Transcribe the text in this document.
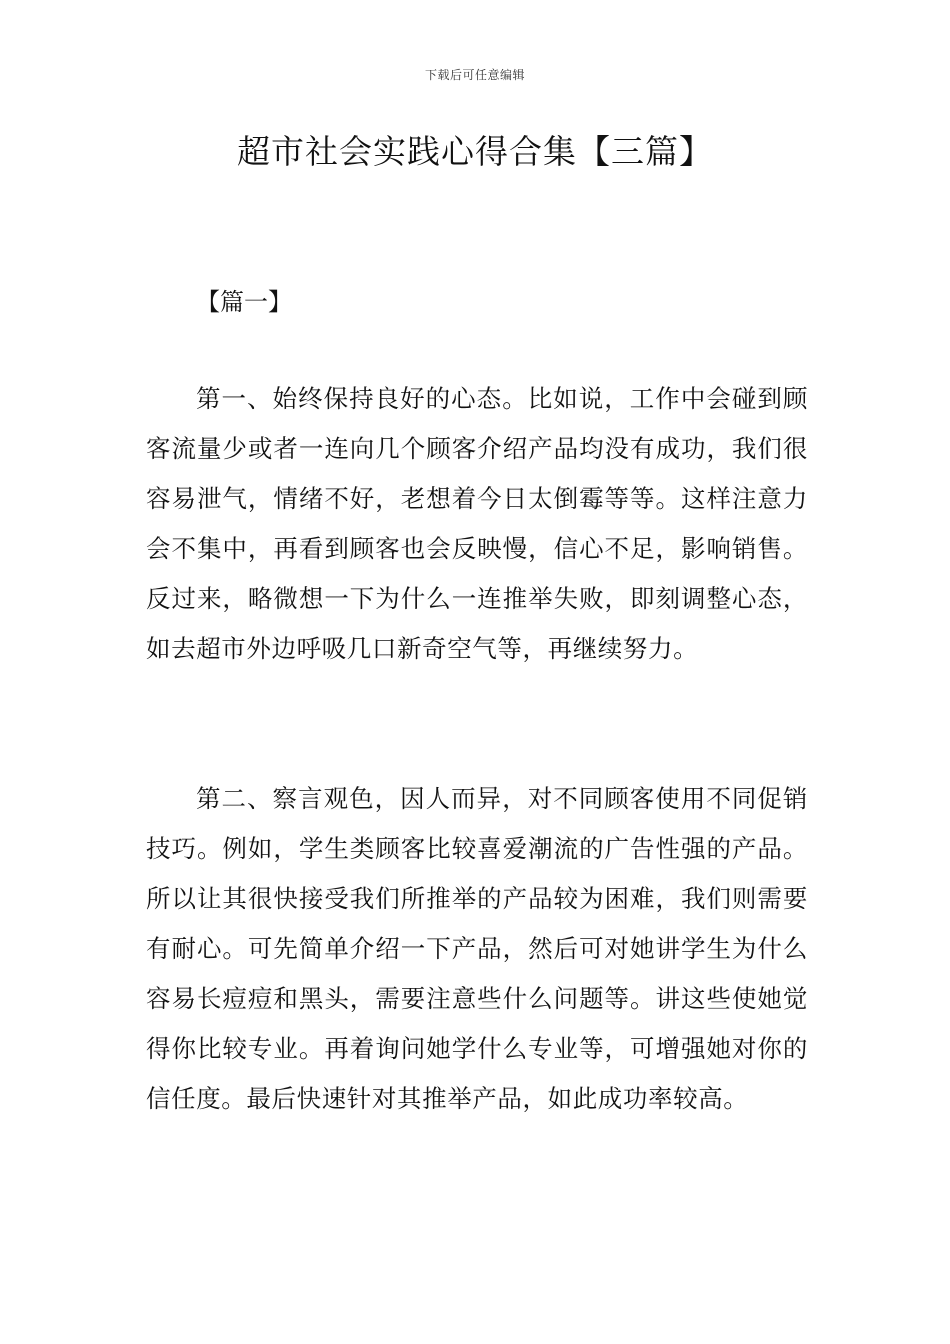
下载后可任意编辑
超市社会实践心得合集【三篇】
【篇一】

第一、始终保持良好的心态。比如说，工作中会碰到顾客流量少或者一连向几个顾客介绍产品均没有成功，我们很容易泄气，情绪不好，老想着今日太倒霉等等。这样注意力会不集中，再看到顾客也会反映慢，信心不足，影响销售。反过来，略微想一下为什么一连推举失败，即刻调整心态，如去超市外边呼吸几口新奇空气等，再继续努力。

第二、察言观色，因人而异，对不同顾客使用不同促销技巧。例如，学生类顾客比较喜爱潮流的广告性强的产品。所以让其很快接受我们所推举的产品较为困难，我们则需要有耐心。可先简单介绍一下产品，然后可对她讲学生为什么容易长痘痘和黑头，需要注意些什么问题等。讲这些使她觉得你比较专业。再着询问她学什么专业等，可增强她对你的信任度。最后快速针对其推举产品，如此成功率较高。
